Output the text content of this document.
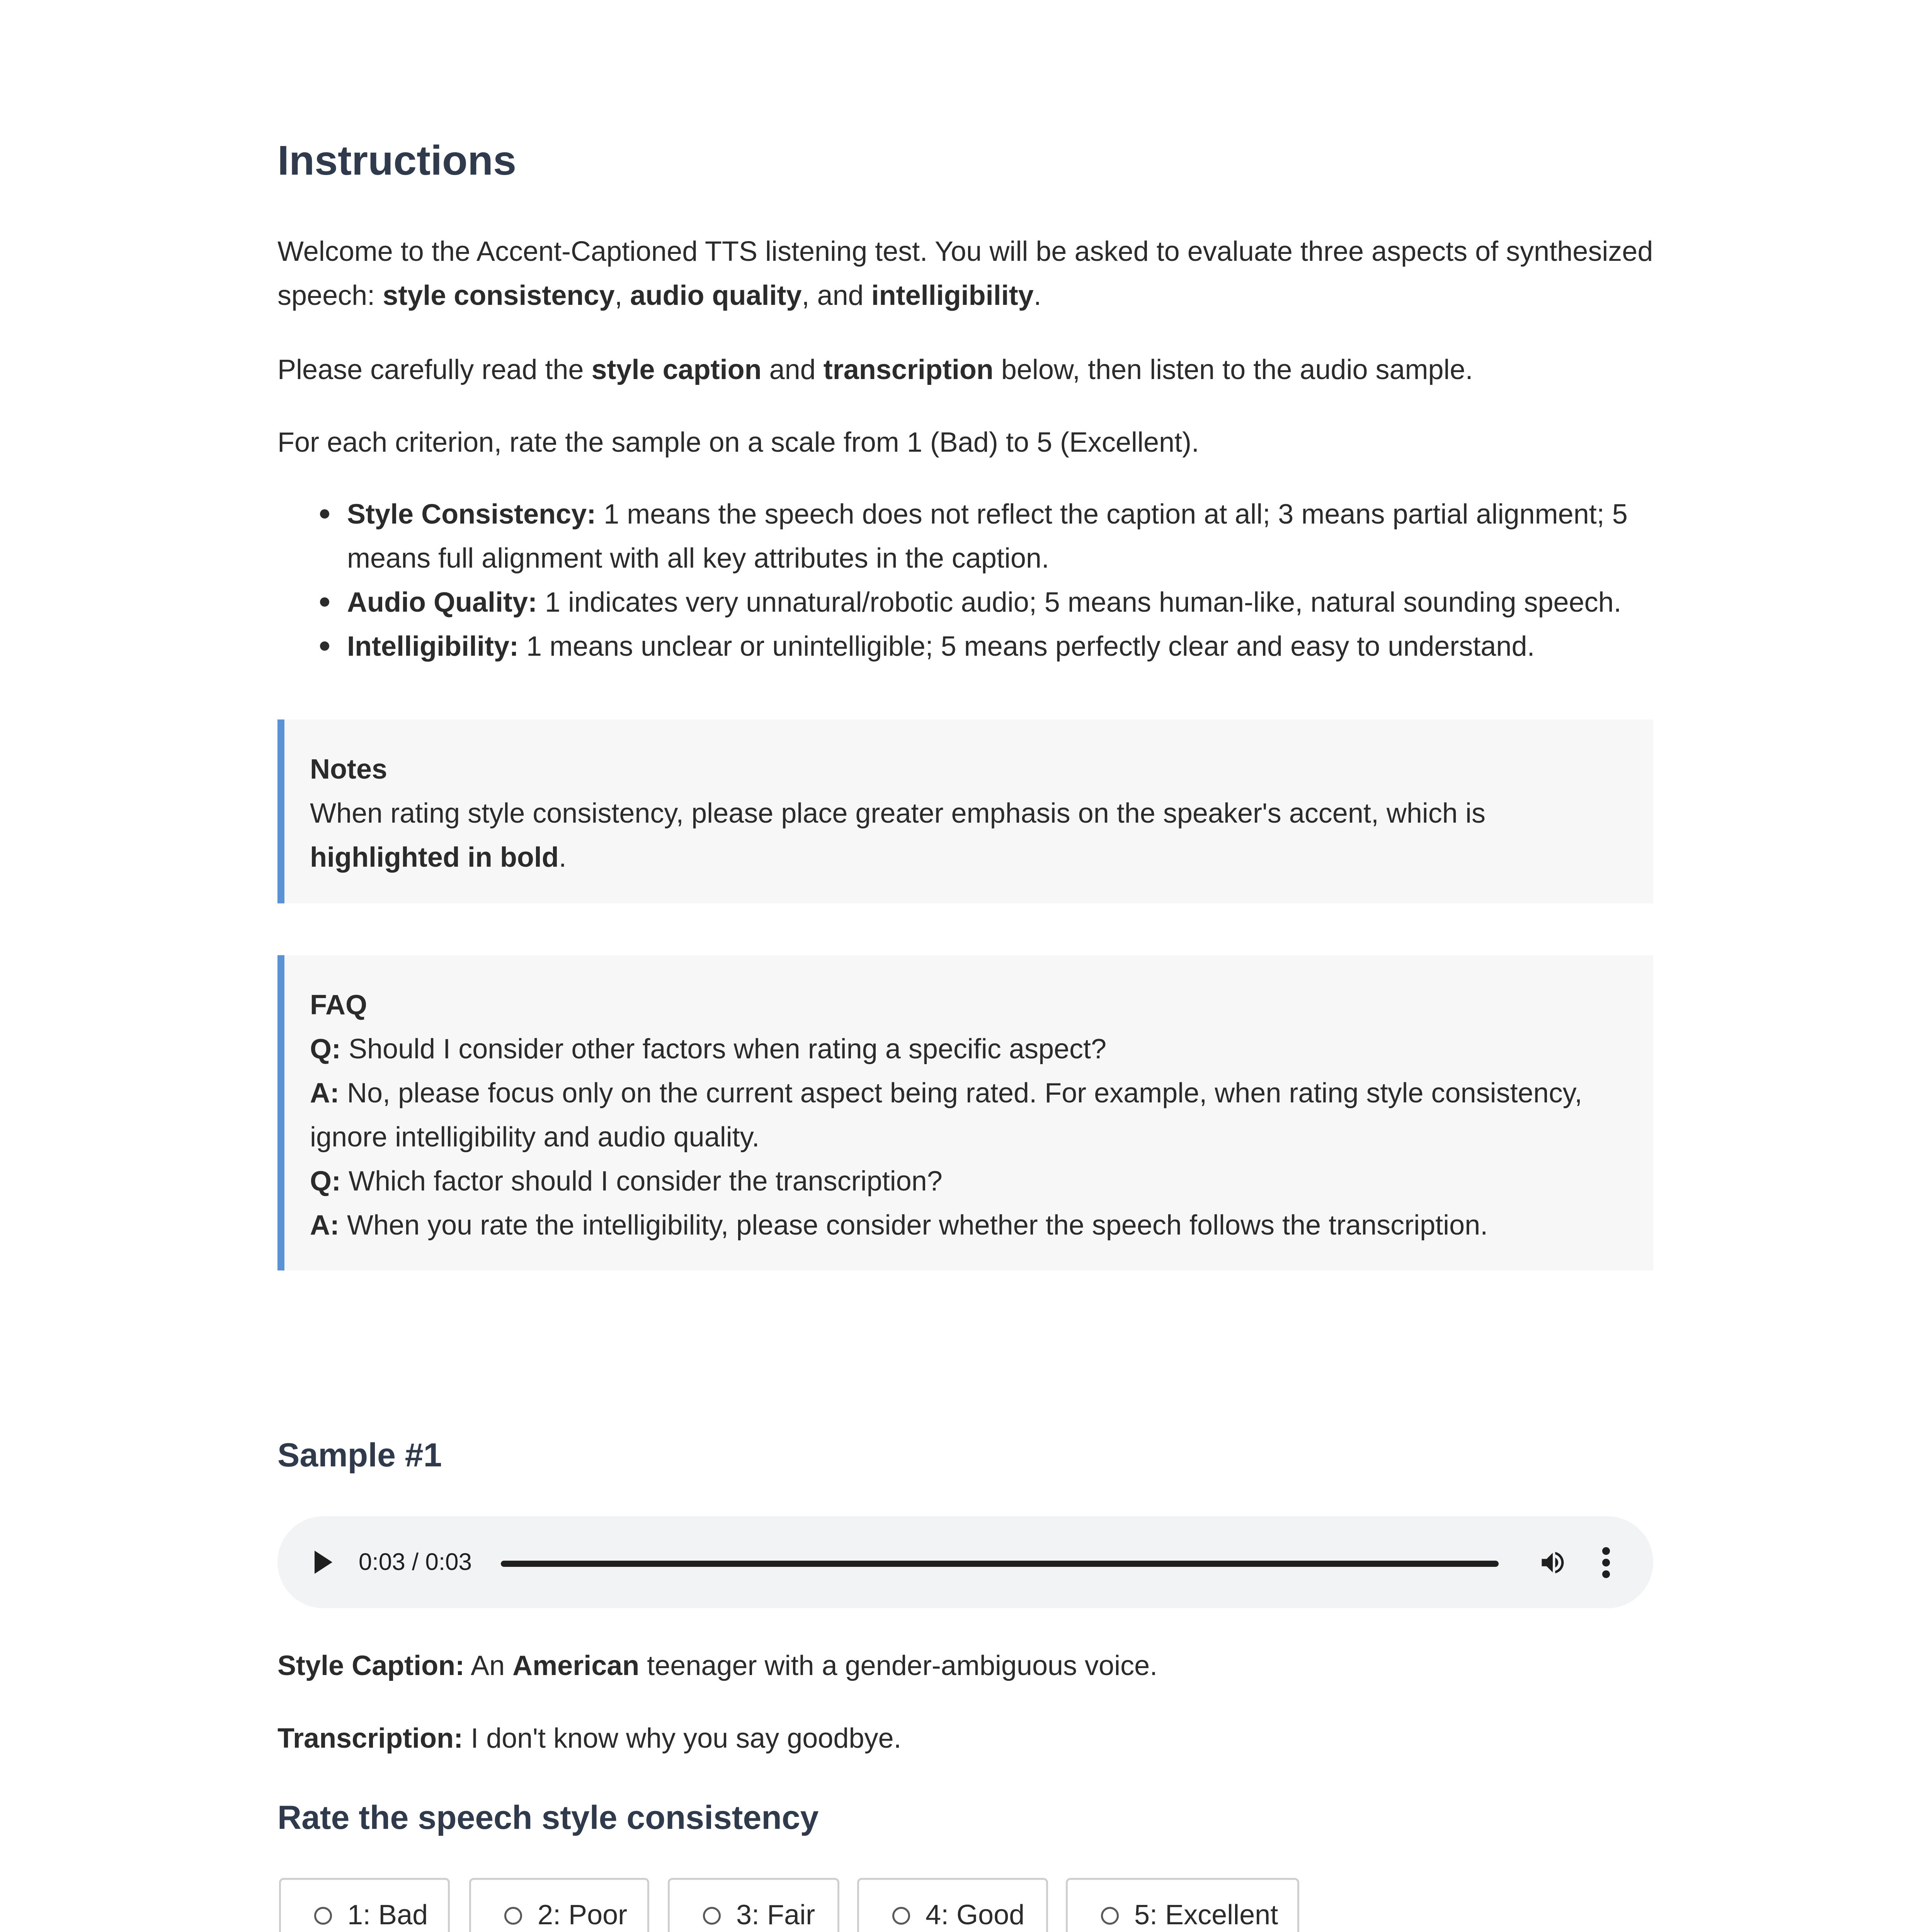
Instructions

Welcome to the Accent-Captioned TTS listening test. You will be asked to evaluate three aspects of synthesized speech: style consistency, audio quality, and intelligibility.

Please carefully read the style caption and transcription below, then listen to the audio sample.

For each criterion, rate the sample on a scale from 1 (Bad) to 5 (Excellent).

Style Consistency: 1 means the speech does not reflect the caption at all; 3 means partial alignment; 5 means full alignment with all key attributes in the caption.
Audio Quality: 1 indicates very unnatural/robotic audio; 5 means human-like, natural sounding speech.
Intelligibility: 1 means unclear or unintelligible; 5 means perfectly clear and easy to understand.
Notes
When rating style consistency, please place greater emphasis on the speaker's accent, which is highlighted in bold.
FAQ
Q: Should I consider other factors when rating a specific aspect?
A: No, please focus only on the current aspect being rated. For example, when rating style consistency, ignore intelligibility and audio quality.
Q: Which factor should I consider the transcription?
A: When you rate the intelligibility, please consider whether the speech follows the transcription.
Sample #1
0:03 / 0:03

Style Caption: An American teenager with a gender-ambiguous voice.

Transcription: I don't know why you say goodbye.

Rate the speech style consistency
1: Bad	2: Poor	3: Fair	4: Good	5: Excellent
